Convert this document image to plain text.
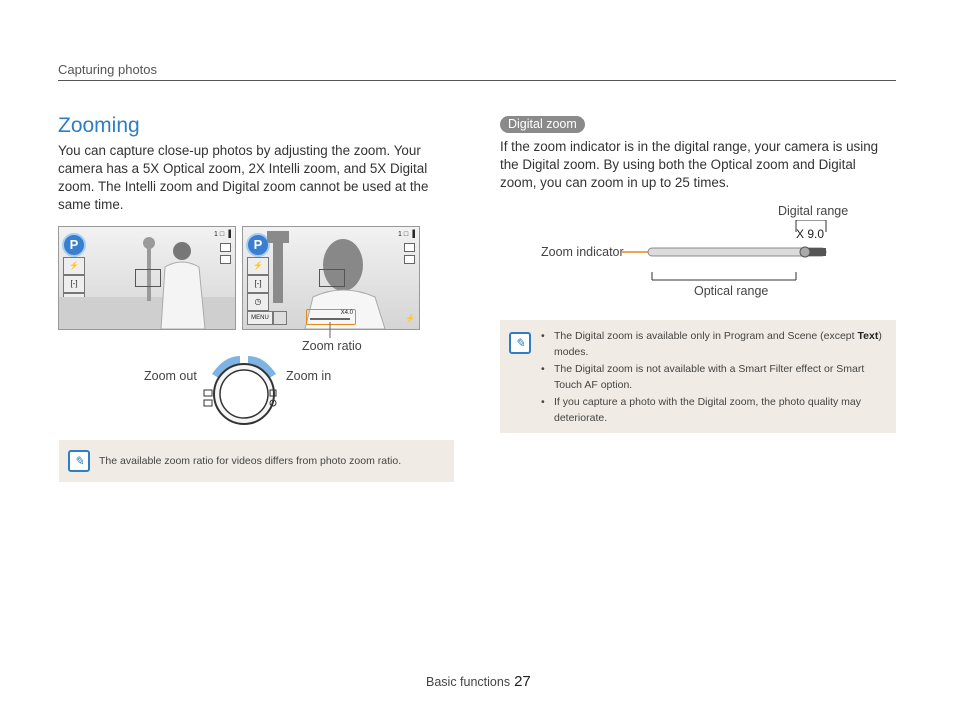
Capturing photos
Zooming
You can capture close-up photos by adjusting the zoom. Your camera has a 5X Optical zoom, 2X Intelli zoom, and 5X Digital zoom. The Intelli zoom and Digital zoom cannot be used at the same time.
P
⚡
[-]
1 □ ▐
P
⚡
[-]
◷
MENU
1 □ ▐
⚡
X4.0
Zoom ratio
Zoom out	Zoom in
✎	The available zoom ratio for videos differs from photo zoom ratio.
Digital zoom
If the zoom indicator is in the digital range, your camera is using the Digital zoom. By using both the Optical zoom and Digital zoom, you can zoom in up to 25 times.
Digital range
Zoom indicator
Optical range
X 9.0
✎
•	The Digital zoom is available only in Program and Scene (except Text) modes.
• The Digital zoom is not available with a Smart Filter effect or Smart Touch AF option.
• If you capture a photo with the Digital zoom, the photo quality may deteriorate.
Basic functions 27
